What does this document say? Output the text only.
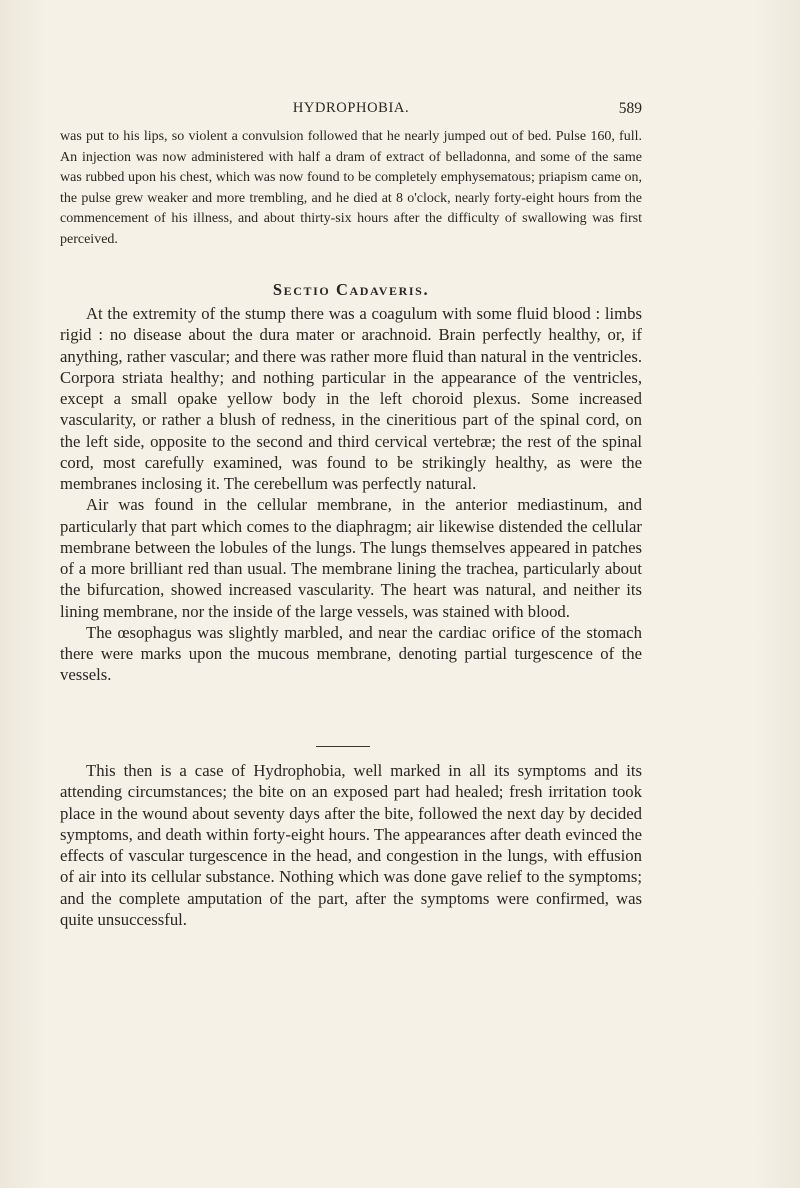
HYDROPHOBIA.	589

was put to his lips, so violent a convulsion followed that he nearly jumped out of bed. Pulse 160, full. An injection was now administered with half a dram of extract of belladonna, and some of the same was rubbed upon his chest, which was now found to be completely emphysematous; priapism came on, the pulse grew weaker and more trembling, and he died at 8 o'clock, nearly forty-eight hours from the commencement of his illness, and about thirty-six hours after the difficulty of swallowing was first perceived.

Sectio Cadaveris.

At the extremity of the stump there was a coagulum with some fluid blood : limbs rigid : no disease about the dura mater or arachnoid. Brain perfectly healthy, or, if anything, rather vascular; and there was rather more fluid than natural in the ventricles. Corpora striata healthy; and nothing particular in the appearance of the ventricles, except a small opake yellow body in the left choroid plexus. Some increased vascularity, or rather a blush of redness, in the cineritious part of the spinal cord, on the left side, opposite to the second and third cervical vertebræ; the rest of the spinal cord, most carefully examined, was found to be strikingly healthy, as were the membranes inclosing it. The cerebellum was perfectly natural.

Air was found in the cellular membrane, in the anterior mediastinum, and particularly that part which comes to the diaphragm; air likewise distended the cellular membrane between the lobules of the lungs. The lungs themselves appeared in patches of a more brilliant red than usual. The membrane lining the trachea, particularly about the bifurcation, showed increased vascularity. The heart was natural, and neither its lining membrane, nor the inside of the large vessels, was stained with blood.

The œsophagus was slightly marbled, and near the cardiac orifice of the stomach there were marks upon the mucous membrane, denoting partial turgescence of the vessels.

This then is a case of Hydrophobia, well marked in all its symptoms and its attending circumstances; the bite on an exposed part had healed; fresh irritation took place in the wound about seventy days after the bite, followed the next day by decided symptoms, and death within forty-eight hours. The appearances after death evinced the effects of vascular turgescence in the head, and congestion in the lungs, with effusion of air into its cellular substance. Nothing which was done gave relief to the symptoms; and the complete amputation of the part, after the symptoms were confirmed, was quite unsuccessful.
